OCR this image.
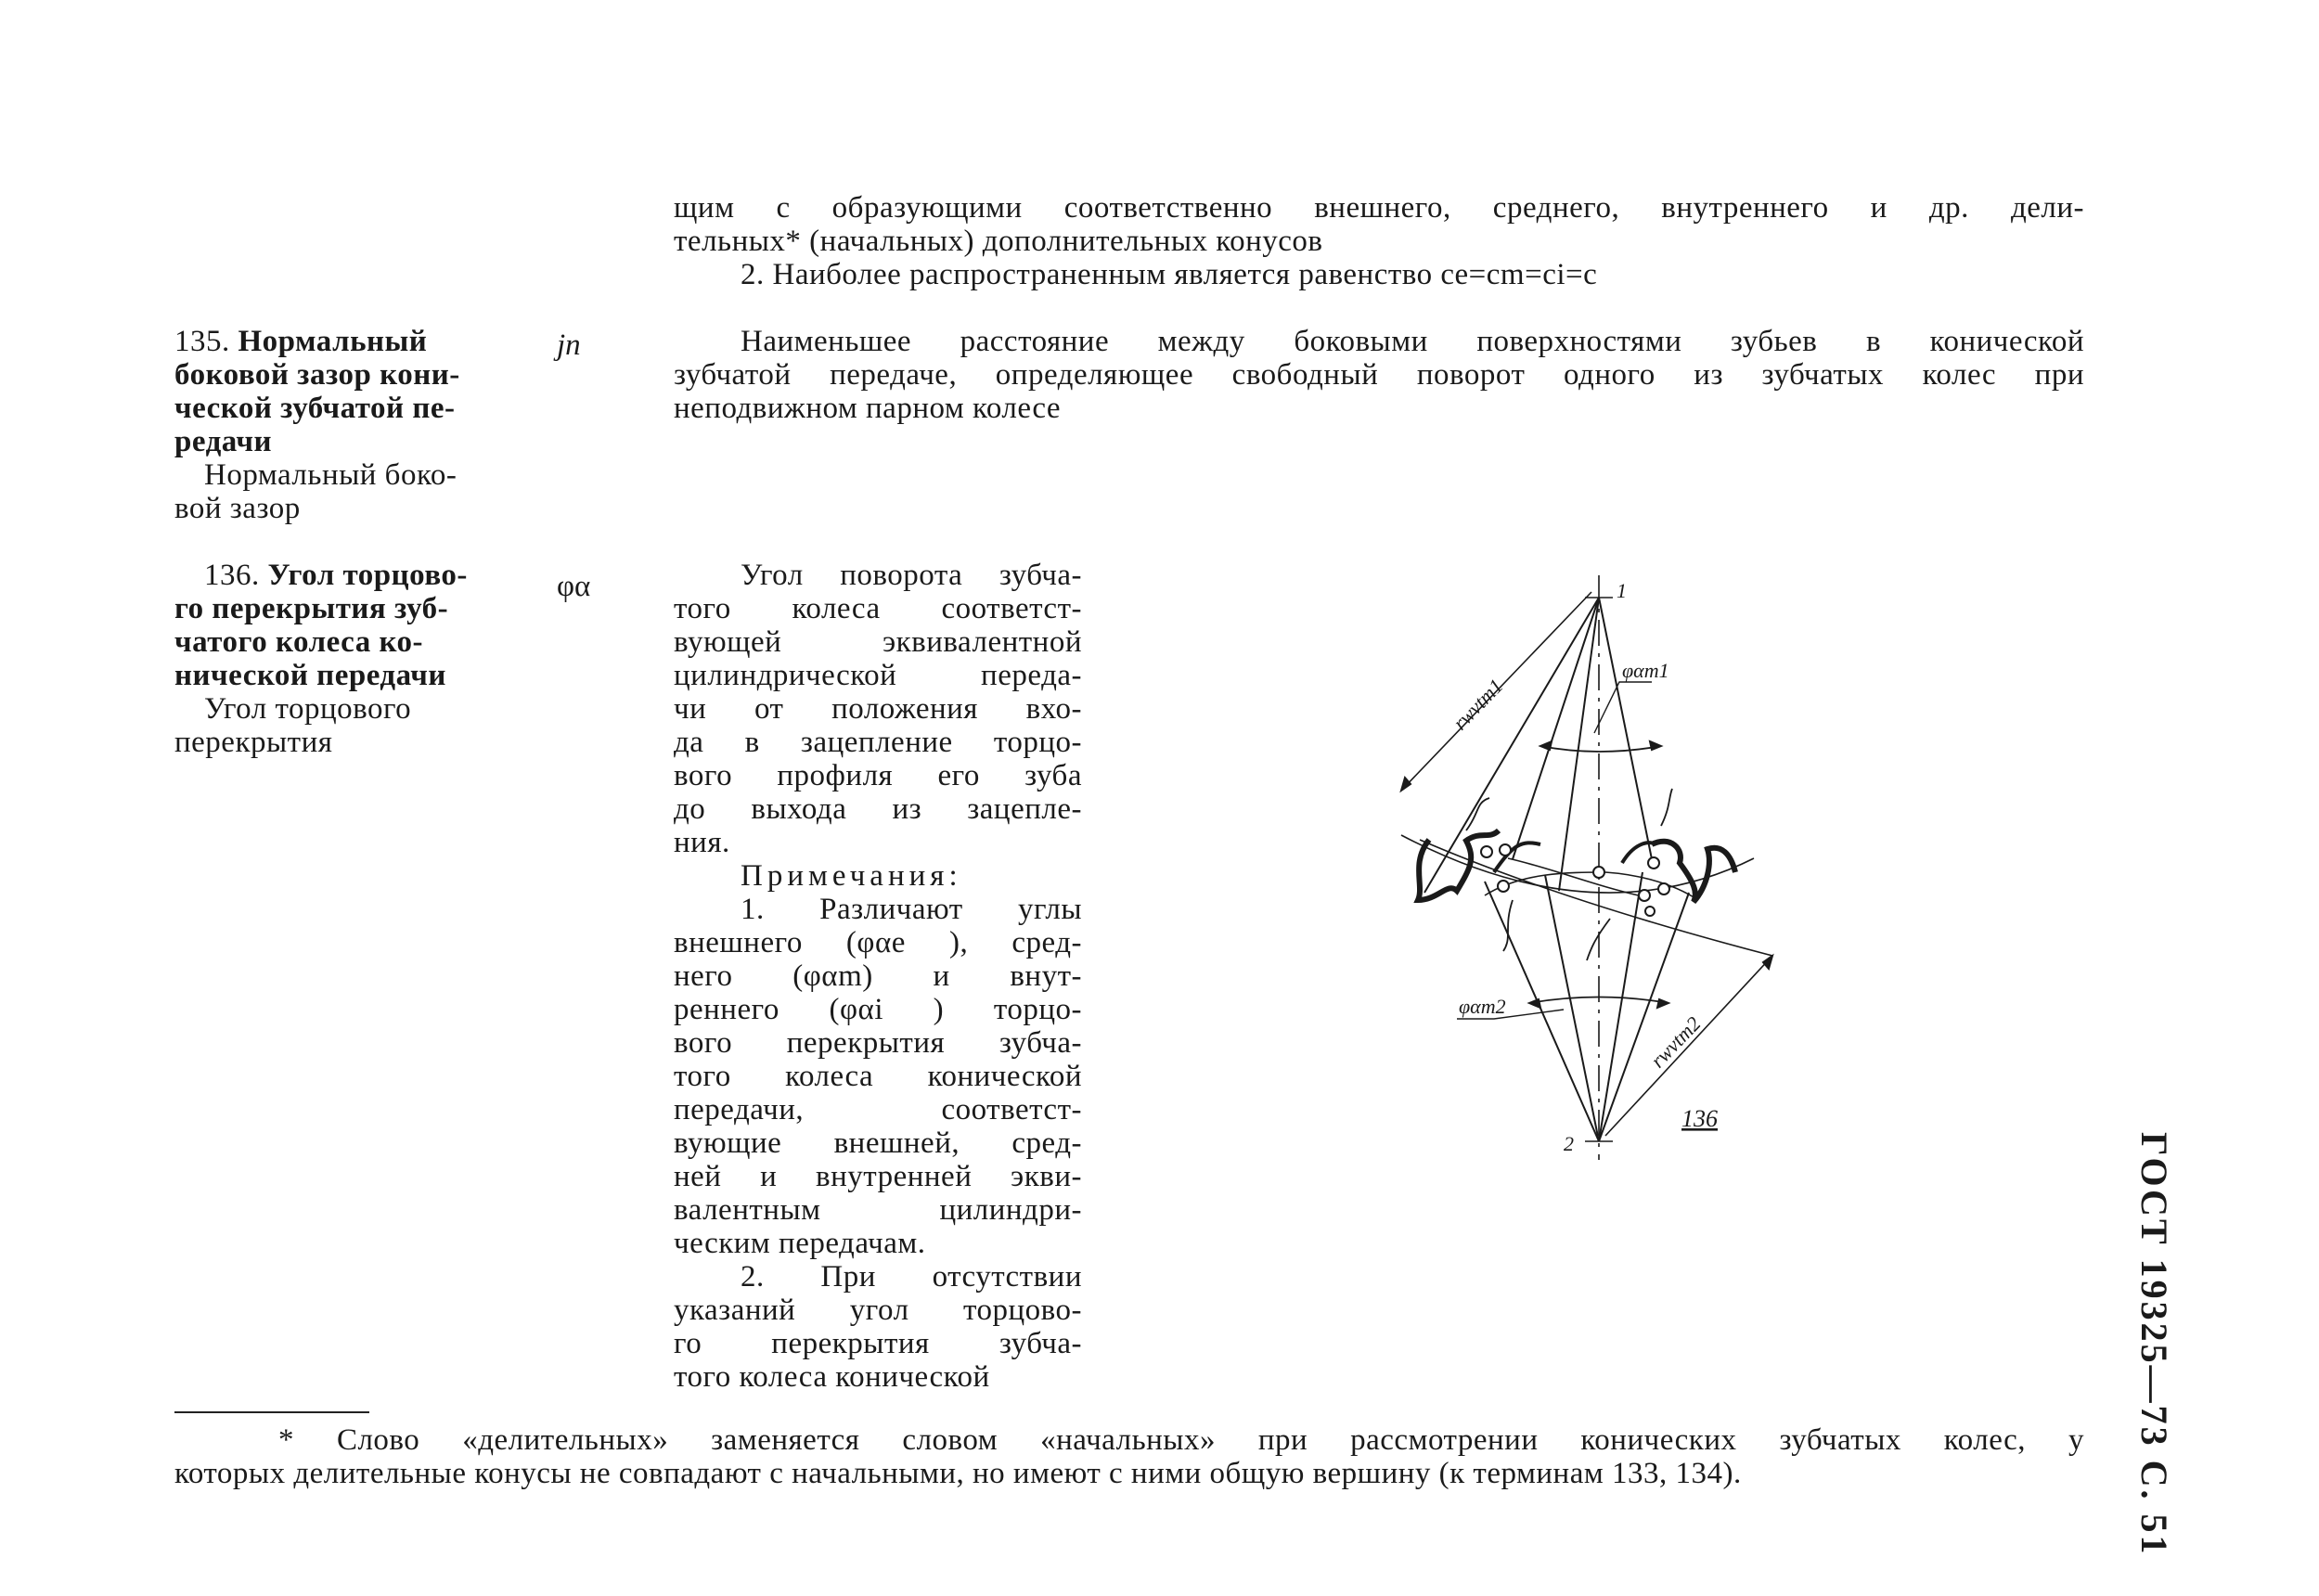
щим с образующими соответственно внешнего, среднего, внутреннего и др. дели-
тельных* (начальных) дополнительных конусов
2. Наиболее распространенным является равенство ce=cm=ci=c
135. Нормальный
боковой зазор кони-
ческой зубчатой пе-
редачи
Нормальный боко-
вой зазор
jn	Наименьшее расстояние между боковыми поверхностями зубьев в конической
зубчатой передаче, определяющее свободный поворот одного из зубчатых колес при
неподвижном парном колесе
136. Угол торцово-
го перекрытия зуб-
чатого колеса ко-
нической передачи
Угол торцового
перекрытия
φα	Угол поворота зубча-
того колеса соответст-
вующей эквивалентной
цилиндрической переда-
чи от положения вхо-
да в зацепление торцо-
вого профиля его зуба
до выхода из зацепле-
ния.
Примечания:
1. Различают углы
внешнего (φαe ), сред-
него (φαm) и внут-
реннего (φαi ) торцо-
вого перекрытия зубча-
того колеса конической
передачи, соответст-
вующие внешней, сред-
ней и внутренней экви-
валентным цилиндри-
ческим передачам.
2. При отсутствии
указаний угол торцово-
го перекрытия зубча-
того колеса конической
1
2
rwvtm1
rwvtm2
φαm1
φαm2
136
* Слово «делительных» заменяется словом «начальных» при рассмотрении конических зубчатых колес, у
которых делительные конусы не совпадают с начальными, но имеют с ними общую вершину (к терминам 133, 134).	ГОСТ 19325—73 С. 51
